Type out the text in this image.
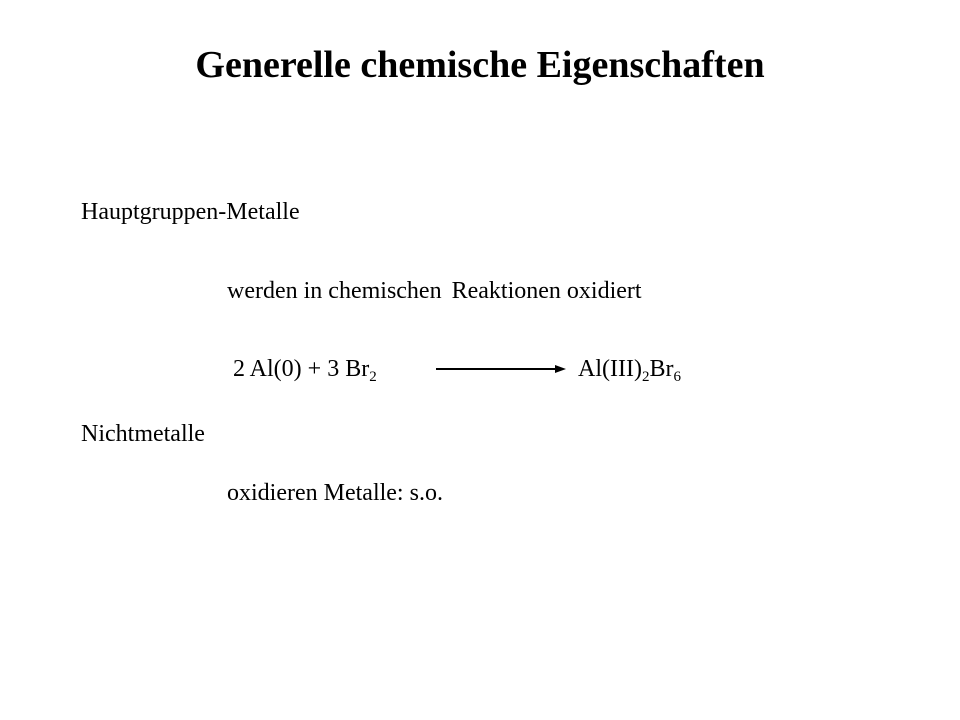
Generelle chemische Eigenschaften
Hauptgruppen-Metalle
werden in chemischen Reaktionen oxidiert
2 Al(0) + 3 $Br_2$	$Al(III)_2Br_6$
Nichtmetalle
oxidieren Metalle: s.o.
